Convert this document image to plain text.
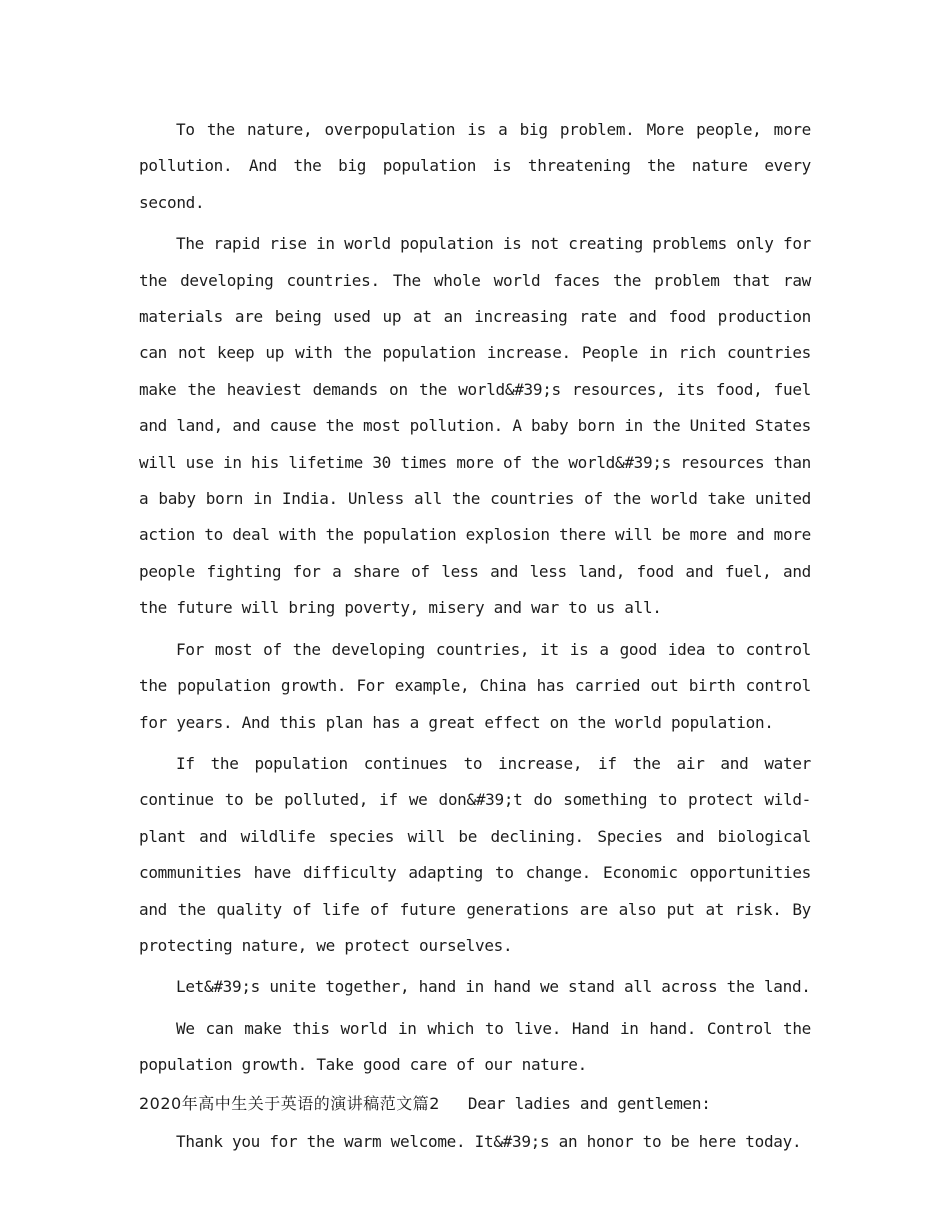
To the nature, overpopulation is a big problem. More people, more pollution. And the big population is threatening the nature every second.

The rapid rise in world population is not creating problems only for the developing countries. The whole world faces the problem that raw materials are being used up at an increasing rate and food production can not keep up with the population increase. People in rich countries make the heaviest demands on the world&#39;s resources, its food, fuel and land, and cause the most pollution. A baby born in the United States will use in his lifetime 30 times more of the world&#39;s resources than a baby born in India. Unless all the countries of the world take united action to deal with the population explosion there will be more and more people fighting for a share of less and less land, food and fuel, and the future will bring poverty, misery and war to us all.

For most of the developing countries, it is a good idea to control the population growth. For example, China has carried out birth control for years. And this plan has a great effect on the world population.

If the population continues to increase, if the air and water continue to be polluted, if we don&#39;t do something to protect wild-plant and wildlife species will be declining. Species and biological communities have difficulty adapting to change. Economic opportunities and the quality of life of future generations are also put at risk. By protecting nature, we protect ourselves.

Let&#39;s unite together, hand in hand we stand all across the land.

We can make this world in which to live. Hand in hand. Control the population growth. Take good care of our nature.

2020年高中生关于英语的演讲稿范文篇2 Dear ladies and gentlemen:

Thank you for the warm welcome. It&#39;s an honor to be here today.
